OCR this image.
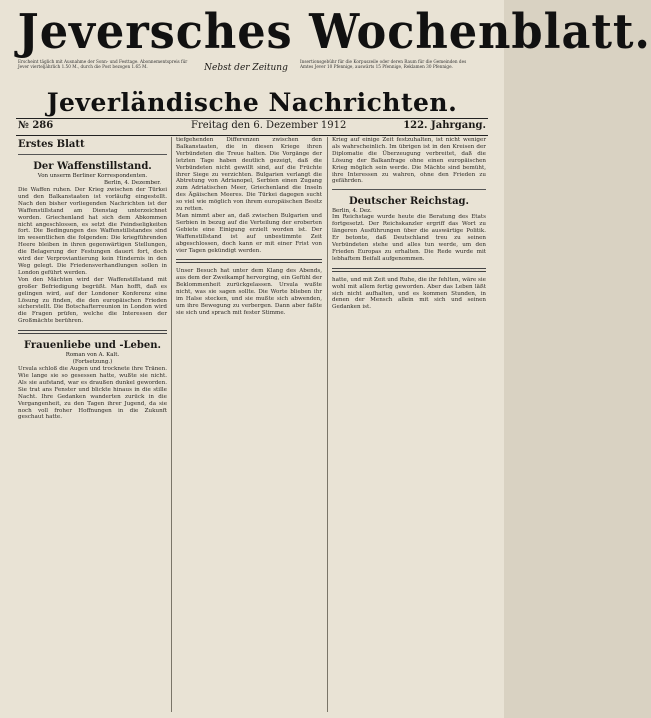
Jeversches Wochenblatt.
Erscheint täglich mit Ausnahme der Sonn- und Festtage. Abonnementspreis für Jever vierteljährlich 1.50 M., durch die Post bezogen 1.65 M.	Nebst der Zeitung
Insertionsgebühr für die Korpuszeile oder deren Raum für die Gemeinden des Amtes Jever 10 Pfennige, auswärts 15 Pfennige, Reklamen 30 Pfennige.
Jeverländische Nachrichten.
№ 286	Freitag den 6. Dezember 1912	122. Jahrgang.
Erstes Blatt
Der Waffenstillstand.
Von unserm Berliner Korrespondenten.
Berlin, 4. Dezember.

Die Waffen ruhen. Der Krieg zwischen der Türkei und den Balkanstaaten ist vorläufig eingestellt. Nach den bisher vorliegenden Nachrichten ist der Waffenstillstand am Dienstag unterzeichnet worden. Griechenland hat sich dem Abkommen nicht angeschlossen, es setzt die Feindseligkeiten fort. Die Bedingungen des Waffenstillstandes sind im wesentlichen die folgenden: Die kriegführenden Heere bleiben in ihren gegenwärtigen Stellungen, die Belagerung der Festungen dauert fort, doch wird der Verproviantierung kein Hindernis in den Weg gelegt. Die Friedensverhandlungen sollen in London geführt werden.

Von den Mächten wird der Waffenstillstand mit großer Befriedigung begrüßt. Man hofft, daß es gelingen wird, auf der Londoner Konferenz eine Lösung zu finden, die den europäischen Frieden sicherstellt. Die Botschafterreunion in London wird die Fragen prüfen, welche die Interessen der Großmächte berühren.

Frauenliebe und -Leben.
Roman von A. Kalt.
(Fortsetzung.)

Ursula schloß die Augen und trocknete ihre Tränen. Wie lange sie so gesessen hatte, wußte sie nicht. Als sie aufstand, war es draußen dunkel geworden. Sie trat ans Fenster und blickte hinaus in die stille Nacht. Ihre Gedanken wanderten zurück in die Vergangenheit, zu den Tagen ihrer Jugend, da sie noch voll froher Hoffnungen in die Zukunft geschaut hatte.

tiefgehenden Differenzen zwischen den Balkanstaaten, die in diesen Kriege ihren Verbündeten die Treue halten. Die Vorgänge der letzten Tage haben deutlich gezeigt, daß die Verbündeten nicht gewillt sind, auf die Früchte ihrer Siege zu verzichten. Bulgarien verlangt die Abtretung von Adrianopel, Serbien einen Zugang zum Adriatischen Meer, Griechenland die Inseln des Ägäischen Meeres. Die Türkei dagegen sucht so viel wie möglich von ihrem europäischen Besitz zu retten.

Man nimmt aber an, daß zwischen Bulgarien und Serbien in bezug auf die Verteilung der eroberten Gebiete eine Einigung erzielt worden ist. Der Waffenstillstand ist auf unbestimmte Zeit abgeschlossen, doch kann er mit einer Frist von vier Tagen gekündigt werden.

Unser Besuch hat unter dem Klang des Abends, aus dem der Zweikampf hervorging, ein Gefühl der Beklommenheit zurückgelassen. Ursula wußte nicht, was sie sagen sollte. Die Worte blieben ihr im Halse stecken, und sie mußte sich abwenden, um ihre Bewegung zu verbergen. Dann aber faßte sie sich und sprach mit fester Stimme.

Krieg auf einige Zeit festzuhalten, ist nicht weniger als wahrscheinlich. Im übrigen ist in den Kreisen der Diplomatie die Überzeugung verbreitet, daß die Lösung der Balkanfrage ohne einen europäischen Krieg möglich sein werde. Die Mächte sind bemüht, ihre Interessen zu wahren, ohne den Frieden zu gefährden.

Deutscher Reichstag.
Berlin, 4. Dez.

Im Reichstage wurde heute die Beratung des Etats fortgesetzt. Der Reichskanzler ergriff das Wort zu längeren Ausführungen über die auswärtige Politik. Er betonte, daß Deutschland treu zu seinen Verbündeten stehe und alles tun werde, um den Frieden Europas zu erhalten. Die Rede wurde mit lebhaftem Beifall aufgenommen.

hatte, und mit Zeit und Ruhe, die ihr fehlten, wäre sie wohl mit allem fertig geworden. Aber das Leben läßt sich nicht aufhalten, und es kommen Stunden, in denen der Mensch allein mit sich und seinen Gedanken ist.
